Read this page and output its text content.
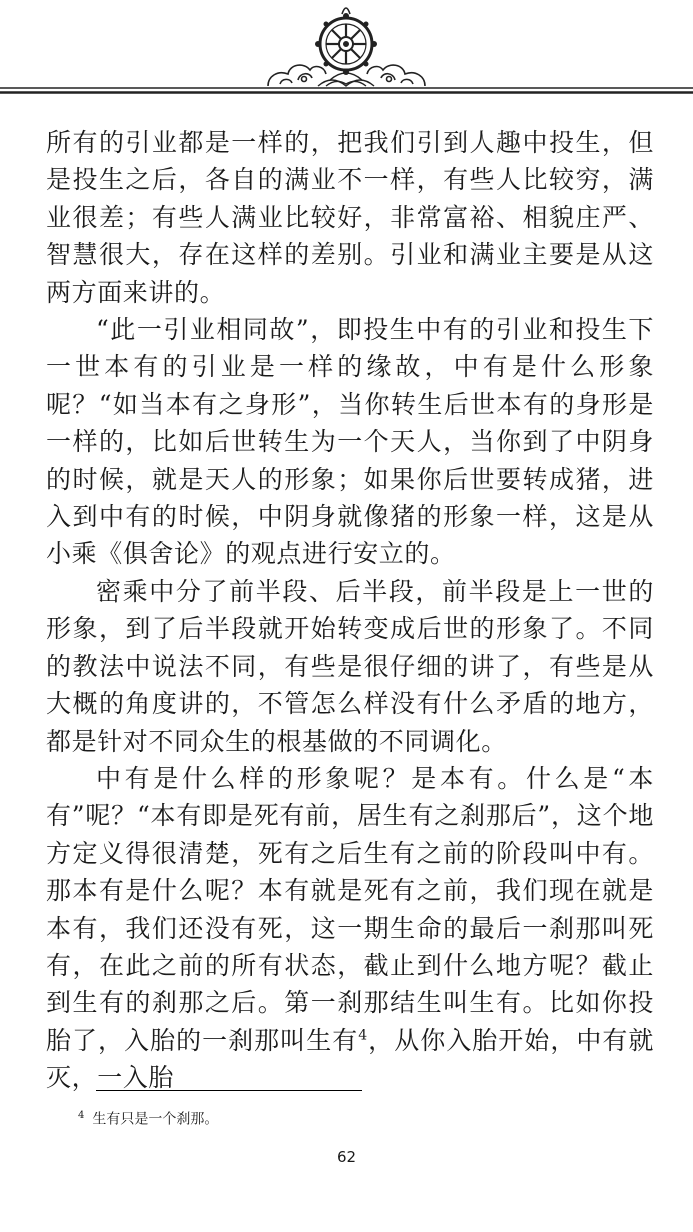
所有的引业都是一样的，把我们引到人趣中投生，但是投生之后，各自的满业不一样，有些人比较穷，满业很差；有些人满业比较好，非常富裕、相貌庄严、智慧很大，存在这样的差别。引业和满业主要是从这两方面来讲的。

“此一引业相同故”，即投生中有的引业和投生下一世本有的引业是一样的缘故，中有是什么形象呢？“如当本有之身形”，当你转生后世本有的身形是一样的，比如后世转生为一个天人，当你到了中阴身的时候，就是天人的形象；如果你后世要转成猪，进入到中有的时候，中阴身就像猪的形象一样，这是从小乘《俱舍论》的观点进行安立的。

密乘中分了前半段、后半段，前半段是上一世的形象，到了后半段就开始转变成后世的形象了。不同的教法中说法不同，有些是很仔细的讲了，有些是从大概的角度讲的，不管怎么样没有什么矛盾的地方，都是针对不同众生的根基做的不同调化。

中有是什么样的形象呢？是本有。什么是“本有”呢？“本有即是死有前，居生有之刹那后”，这个地方定义得很清楚，死有之后生有之前的阶段叫中有。那本有是什么呢？本有就是死有之前，我们现在就是本有，我们还没有死，这一期生命的最后一刹那叫死有，在此之前的所有状态，截止到什么地方呢？截止到生有的刹那之后。第一刹那结生叫生有。比如你投胎了，入胎的一刹那叫生有$^4$，从你入胎开始，中有就灭，一入胎

$^4$ 生有只是一个刹那。
62
